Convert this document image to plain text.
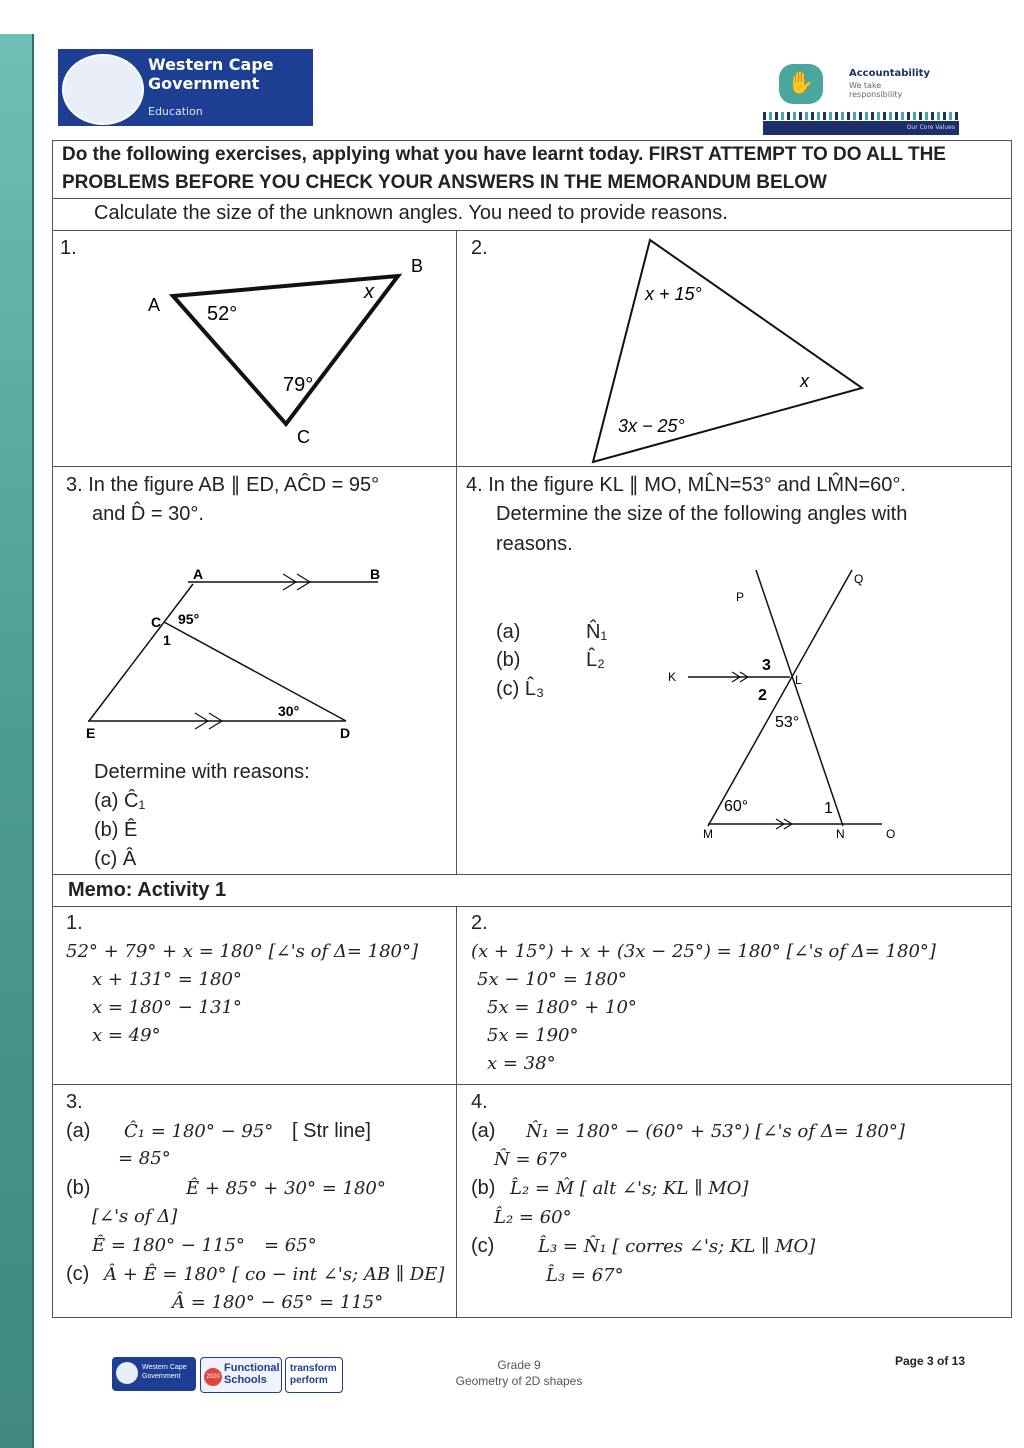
Western Cape
Government
Education
✋	Accountability
We take
responsibility
Our Core Values
Do the following exercises, applying what you have learnt today. FIRST ATTEMPT TO DO ALL THE
PROBLEMS BEFORE YOU CHECK YOUR ANSWERS IN THE MEMORANDUM BELOW
Calculate the size of the unknown angles. You need to provide reasons.
1.
A
B
C
52°
79°
x	x + 15°
x
3x − 25°
A	B
C
D
E
95°
1
30°
P
Q
K	L
M	N	O
3
2
53°
60°	1
2.
3. In the figure AB ∥ ED, AĈD = 95°
and D̂ = 30°.
Determine with reasons:
(a) Ĉ₁
(b) Ê
(c) Â
4. In the figure KL ∥ MO, ML̂N=53° and LM̂N=60°.
Determine the size of the following angles with
reasons.
(a)	N̂₁
(b)	L̂₂
(c) L̂₃
Memo: Activity 1
1.
52° + 79° + x = 180° [∠'s of Δ= 180°]
x + 131° = 180°
x = 180° − 131°
x = 49°
2.
(x + 15°) + x + (3x − 25°) = 180° [∠'s of Δ= 180°]
5x − 10° = 180°
5x = 180° + 10°
5x = 190°
x = 38°
3.
(a) Ĉ₁ = 180° − 95° [ Str line]
= 85°
(b)	Ê + 85° + 30° = 180°
[∠'s of Δ]
Ê = 180° − 115° = 65°
(c) Â + Ê = 180° [ co − int ∠'s; AB ∥ DE]
Â = 180° − 65° = 115°
4.
(a) N̂₁ = 180° − (60° + 53°) [∠'s of Δ= 180°]
N̂ = 67°
(b) L̂₂ = M̂ [ alt ∠'s; KL ∥ MO]
L̂₂ = 60°
(c) L̂₃ = N̂₁ [ corres ∠'s; KL ∥ MO]
L̂₃ = 67°
Western Cape Government	2020
Functional Schools
transform perform
Grade 9
Geometry of 2D shapes
Page 3 of 13
